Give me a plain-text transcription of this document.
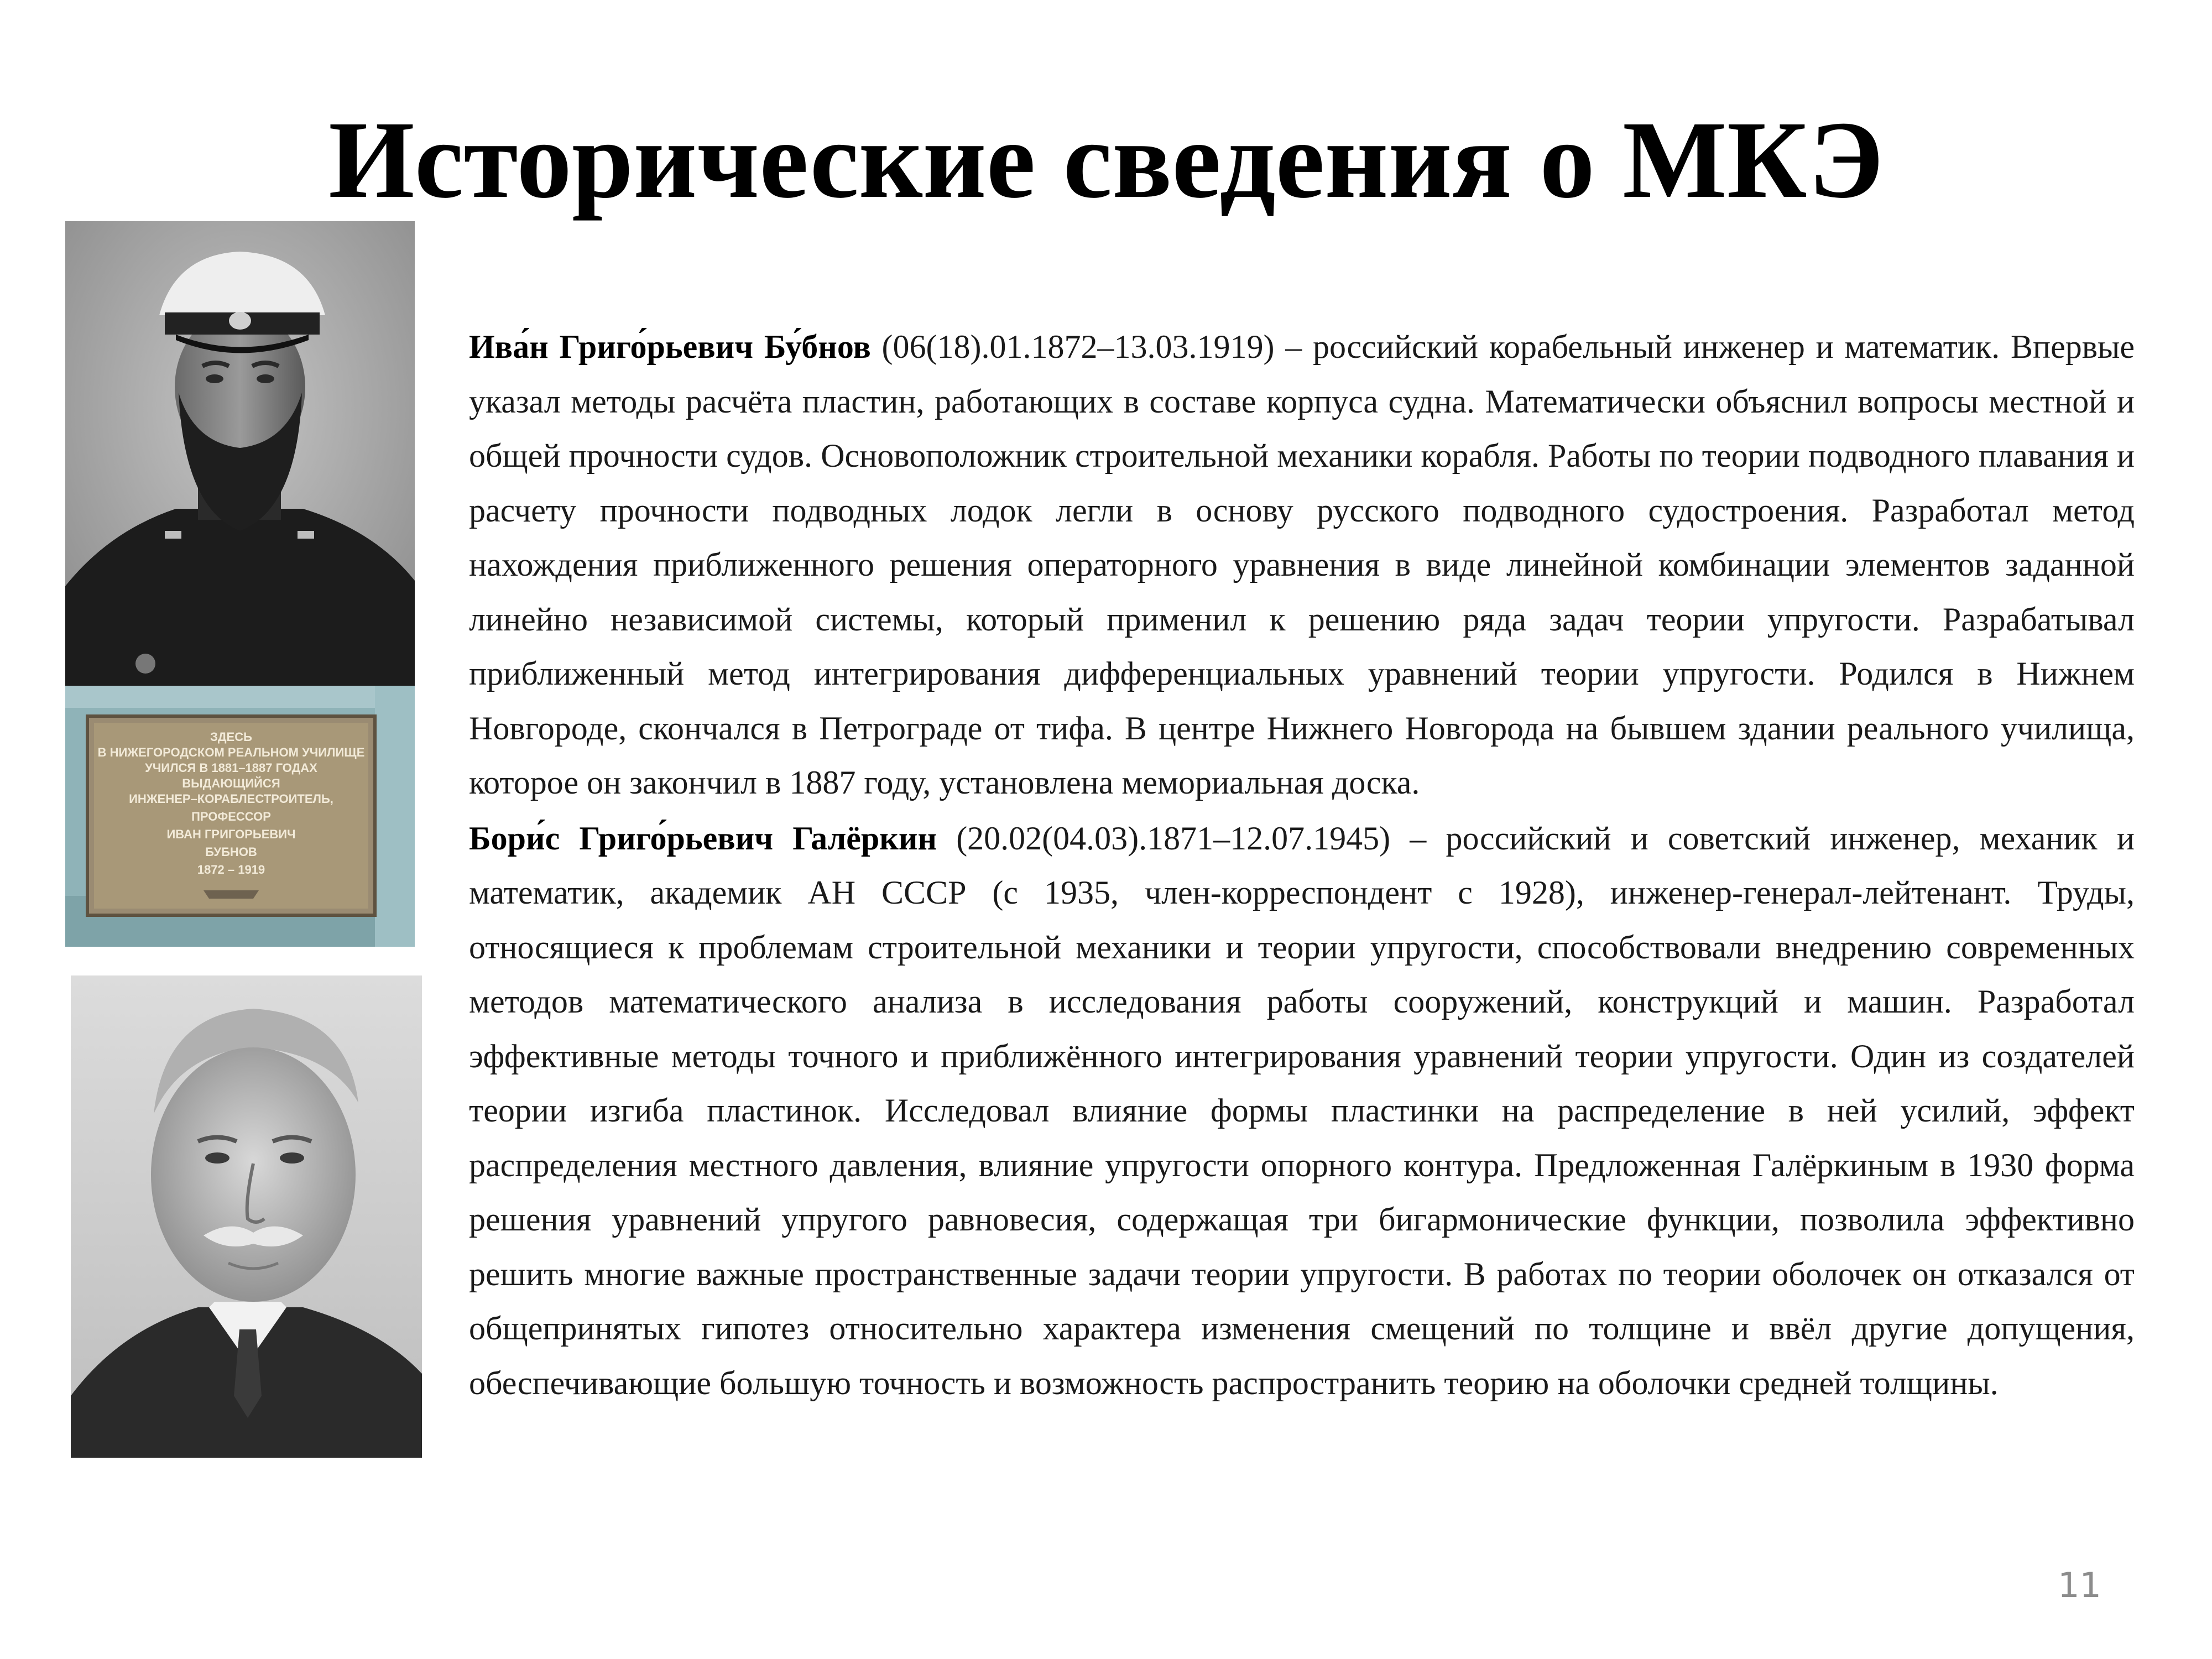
Исторические сведения о МКЭ
ЗДЕСЬ
В НИЖЕГОРОДСКОМ РЕАЛЬНОМ УЧИЛИЩЕ
УЧИЛСЯ В 1881–1887 ГОДАХ
ВЫДАЮЩИЙСЯ
ИНЖЕНЕР–КОРАБЛЕСТРОИТЕЛЬ,
ПРОФЕССОР
ИВАН ГРИГОРЬЕВИЧ
БУБНОВ
1872 – 1919

Ива́н Григо́рьевич Бу́бнов (06(18).01.1872–13.03.1919) – российский корабельный инженер и математик. Впервые указал методы расчёта пластин, работающих в составе корпуса судна. Математически объяснил вопросы местной и общей прочности судов. Основоположник строительной механики корабля. Работы по теории подводного плавания и расчету прочности подводных лодок легли в основу русского подводного судостроения. Разработал метод нахождения приближенного решения операторного уравнения в виде линейной комбинации элементов заданной линейно независимой системы, который применил к решению ряда задач теории упругости. Разрабатывал приближенный метод интегрирования дифференциальных уравнений теории упругости. Родился в Нижнем Новгороде, скончался в Петрограде от тифа. В центре Нижнего Новгорода на бывшем здании реального училища, которое он закончил в 1887 году, установлена мемориальная доска.

Бори́с Григо́рьевич Галёркин (20.02(04.03).1871–12.07.1945) – российский и советский инженер, механик и математик, академик АН СССР (с 1935, член-корреспондент с 1928), инженер-генерал-лейтенант. Труды, относящиеся к проблемам строительной механики и теории упругости, способствовали внедрению современных методов математического анализа в исследования работы сооружений, конструкций и машин. Разработал эффективные методы точного и приближённого интегрирования уравнений теории упругости. Один из создателей теории изгиба пластинок. Исследовал влияние формы пластинки на распределение в ней усилий, эффект распределения местного давления, влияние упругости опорного контура. Предложенная Галёркиным в 1930 форма решения уравнений упругого равновесия, содержащая три бигармонические функции, позволила эффективно решить многие важные пространственные задачи теории упругости. В работах по теории оболочек он отказался от общепринятых гипотез относительно характера изменения смещений по толщине и ввёл другие допущения, обеспечивающие большую точность и возможность распространить теорию на оболочки средней толщины.

11
